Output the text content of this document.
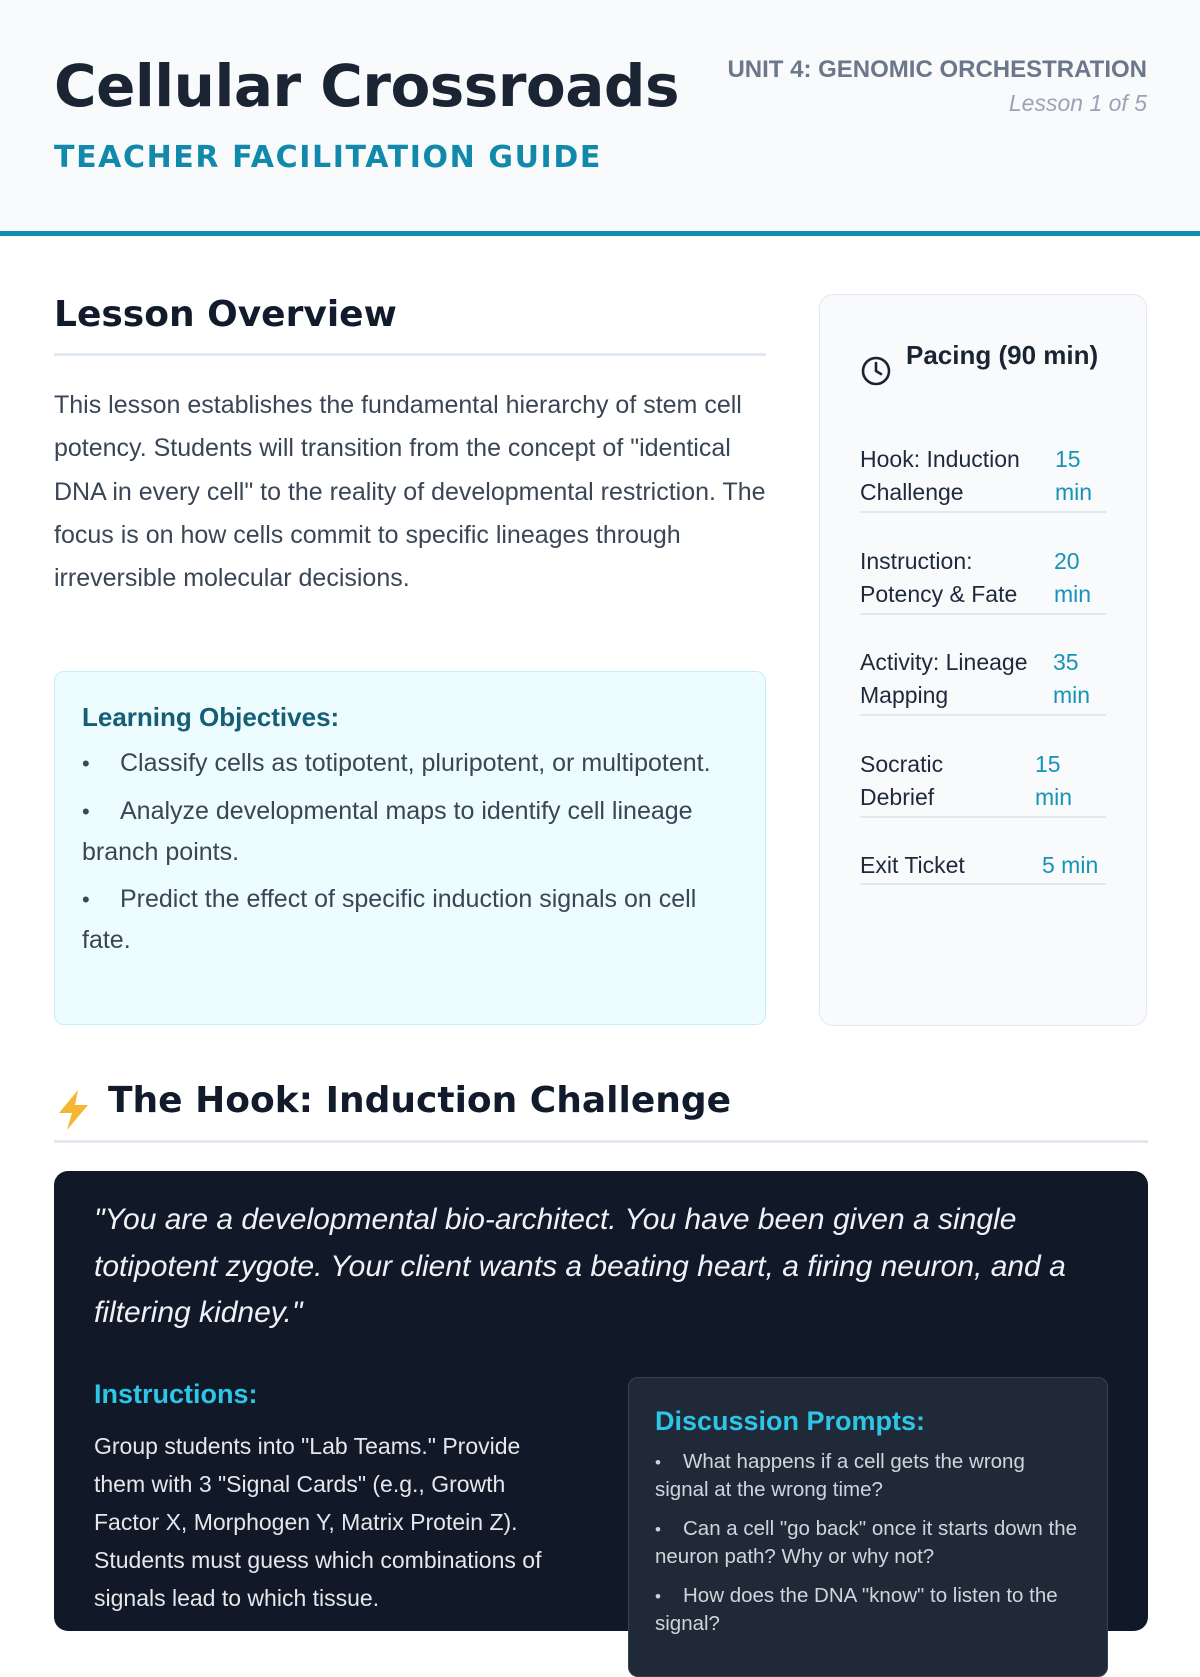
Cellular Crossroads
TEACHER FACILITATION GUIDE
UNIT 4: GENOMIC ORCHESTRATION
Lesson 1 of 5
Lesson Overview

This lesson establishes the fundamental hierarchy of stem cell potency. Students will transition from the concept of "identical DNA in every cell" to the reality of developmental restriction. The focus is on how cells commit to specific lineages through irreversible molecular decisions.

Learning Objectives:
• Classify cells as totipotent, pluripotent, or multipotent.
• Analyze developmental maps to identify cell lineage branch points.
• Predict the effect of specific induction signals on cell fate.
Pacing (90 min)
Hook: Induction Challenge
15 min
Instruction: Potency & Fate
20 min
Activity: Lineage Mapping
35 min
Socratic Debrief
15 min
Exit Ticket	5 min
The Hook: Induction Challenge

"You are a developmental bio-architect. You have been given a single totipotent zygote. Your client wants a beating heart, a firing neuron, and a filtering kidney."

Instructions:

Group students into "Lab Teams." Provide them with 3 "Signal Cards" (e.g., Growth Factor X, Morphogen Y, Matrix Protein Z). Students must guess which combinations of signals lead to which tissue.

Discussion Prompts:
• What happens if a cell gets the wrong signal at the wrong time?
• Can a cell "go back" once it starts down the neuron path? Why or why not?
• How does the DNA "know" to listen to the signal?
